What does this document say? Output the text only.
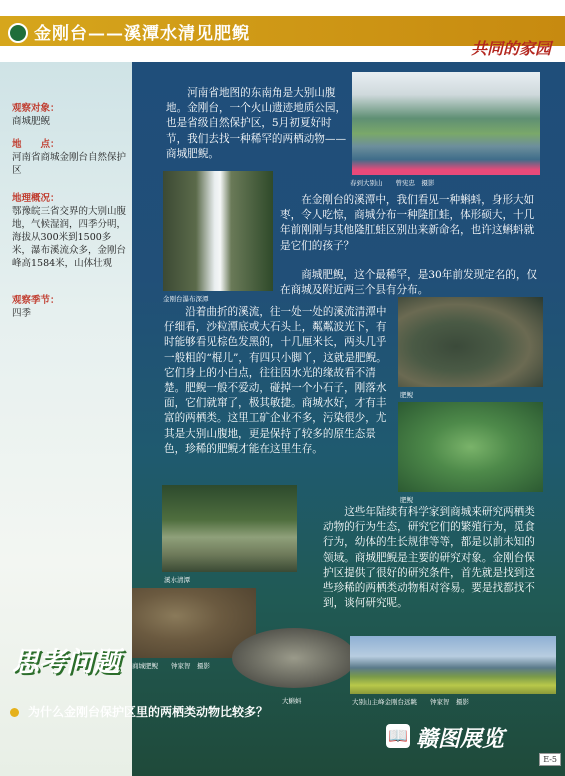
金刚台——溪潭水清见肥鲵
共同的家园
观察对象：
商城肥鲵
地　　点：
河南省商城金刚台自然保护区
地理概况：
鄂豫皖三省交界的大别山腹地，气候湿润，四季分明，海拔从300米到1500多米，瀑布溪流众多，金刚台峰高1584米，山体壮观
观察季节：
四季
春到大别山　　曾宪忠　摄影
金刚台瀑布深潭
肥鲵
肥鲵
溪水清潭
商城肥鲵　　钟家智　摄影
大蝌蚪	大别山主峰金刚台远眺　　钟家智　摄影
河南省地图的东南角是大别山腹地。金刚台，一个火山遗迹地质公园，也是省级自然保护区，5月初夏好时节，我们去找一种稀罕的两栖动物——商城肥鲵。
在金刚台的溪潭中，我们看见一种蝌蚪，身形大如枣，令人吃惊，商城分布一种隆肛蛙，体形硕大，十几年前刚刚与其他隆肛蛙区别出来新命名，也许这蝌蚪就是它们的孩子？
商城肥鲵，这个最稀罕，是30年前发现定名的，仅在商城及附近两三个县有分布。
沿着曲折的溪流，往一处一处的溪流清潭中仔细看，沙粒潭底或大石头上，粼粼波光下，有时能够看见棕色发黑的，十几厘米长，两头几乎一般粗的“棍儿”，有四只小脚丫，这就是肥鲵。它们身上的小白点，往往因水光的缘故看不清楚。肥鲵一般不爱动，碰掉一个小石子，刚落水面，它们就窜了，极其敏捷。商城水好，才有丰富的两栖类。这里工矿企业不多，污染很少，尤其是大别山腹地，更是保持了较多的原生态景色，珍稀的肥鲵才能在这里生存。
这些年陆续有科学家到商城来研究两栖类动物的行为生态，研究它们的繁殖行为，觅食行为，幼体的生长规律等等，都是以前未知的领域。商城肥鲵是主要的研究对象。金刚台保护区提供了很好的研究条件，首先就是找到这些珍稀的两栖类动物相对容易。要是找都找不到，谈何研究呢。
思考问题
为什么金刚台保护区里的两栖类动物比较多？
📖 赣图展览
E-5
